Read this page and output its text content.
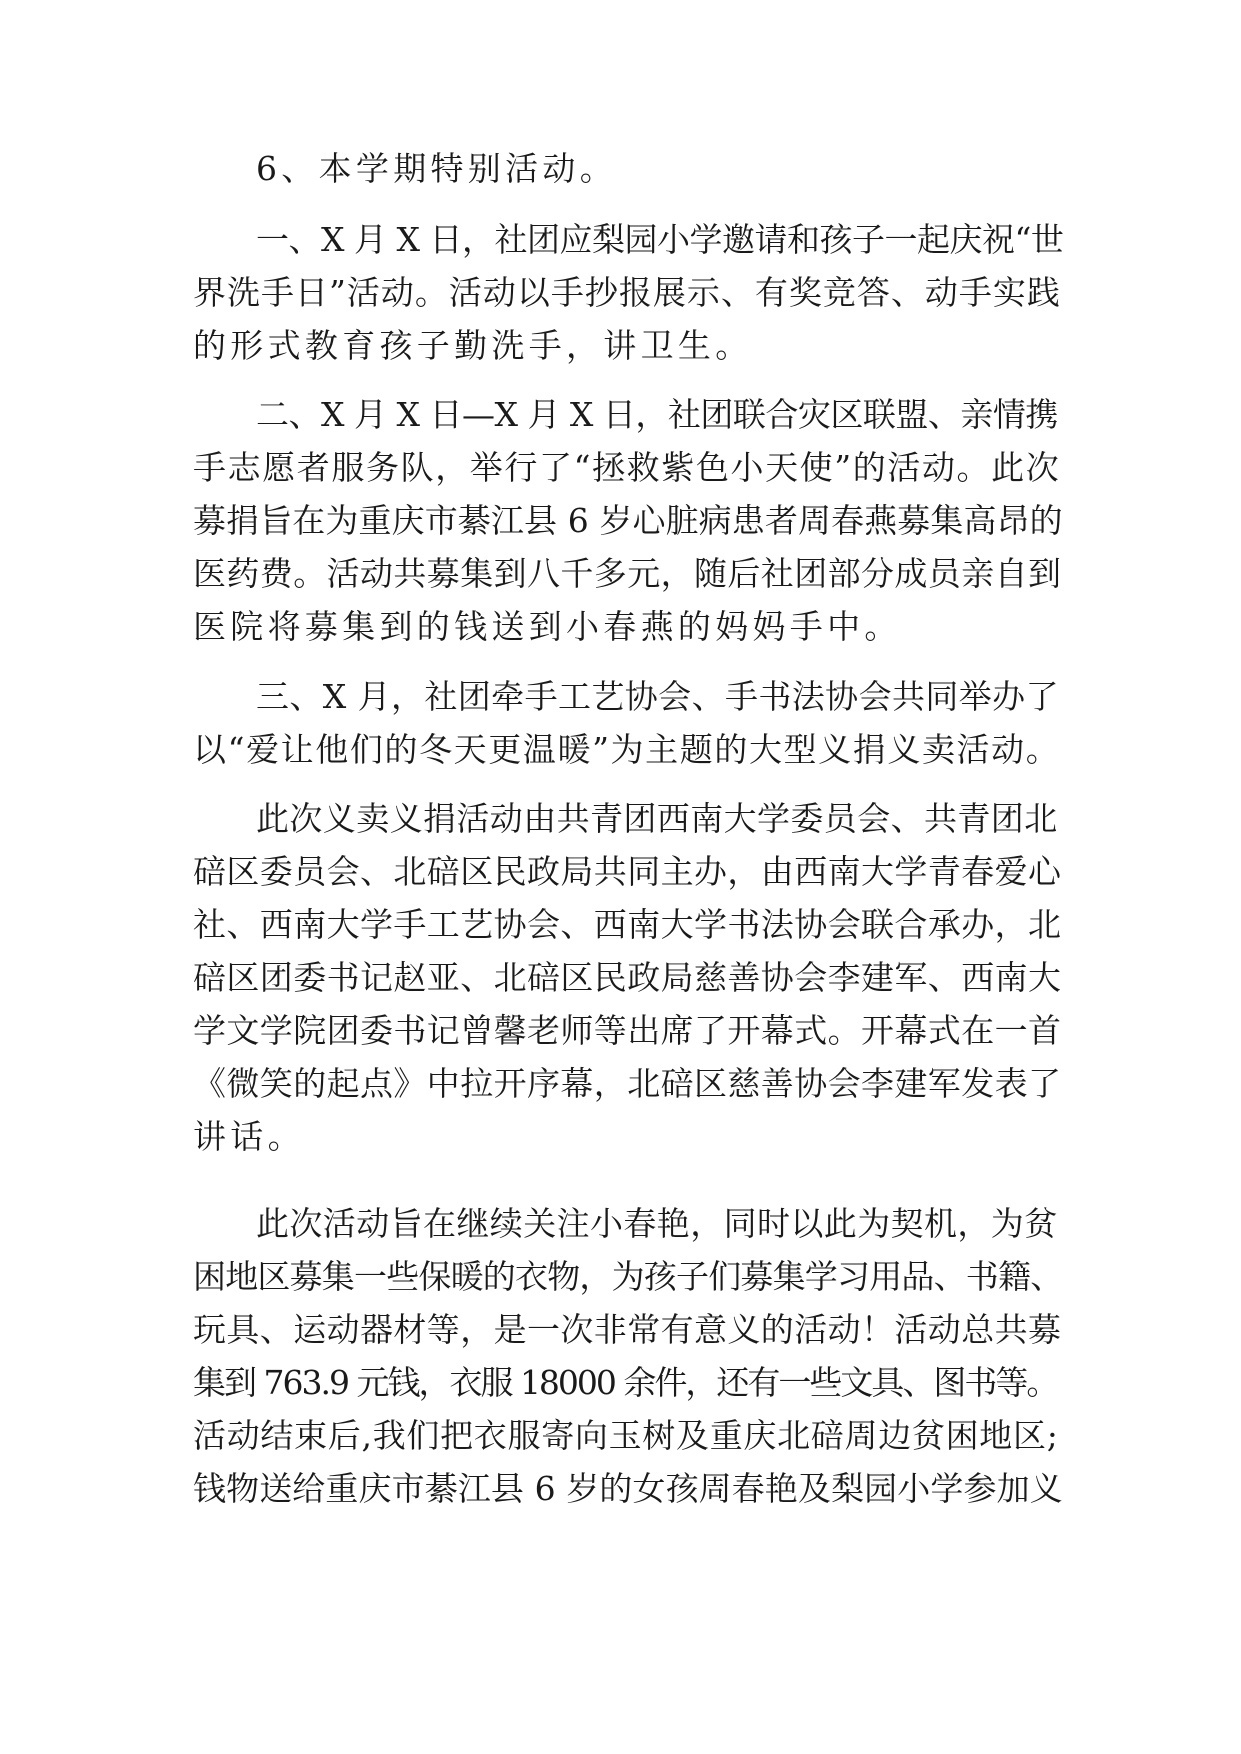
6、本学期特别活动。
一、X 月 X 日，社团应梨园小学邀请和孩子一起庆祝“世
界洗手日”活动。活动以手抄报展示、有奖竞答、动手实践
的形式教育孩子勤洗手，讲卫生。
二、X 月 X 日—X 月 X 日，社团联合灾区联盟、亲情携
手志愿者服务队，举行了“拯救紫色小天使”的活动。此次
募捐旨在为重庆市綦江县 6 岁心脏病患者周春燕募集高昂的
医药费。活动共募集到八千多元，随后社团部分成员亲自到
医院将募集到的钱送到小春燕的妈妈手中。
三、X 月，社团牵手工艺协会、手书法协会共同举办了
以“爱让他们的冬天更温暖”为主题的大型义捐义卖活动。
此次义卖义捐活动由共青团西南大学委员会、共青团北
碚区委员会、北碚区民政局共同主办，由西南大学青春爱心
社、西南大学手工艺协会、西南大学书法协会联合承办，北
碚区团委书记赵亚、北碚区民政局慈善协会李建军、西南大
学文学院团委书记曾馨老师等出席了开幕式。开幕式在一首
《微笑的起点》中拉开序幕，北碚区慈善协会李建军发表了
讲话。
此次活动旨在继续关注小春艳，同时以此为契机，为贫
困地区募集一些保暖的衣物，为孩子们募集学习用品、书籍、
玩具、运动器材等，是一次非常有意义的活动！活动总共募
集到 763.9 元钱，衣服 18000 余件，还有一些文具、图书等。
活动结束后,我们把衣服寄向玉树及重庆北碚周边贫困地区;
钱物送给重庆市綦江县 6 岁的女孩周春艳及梨园小学参加义
